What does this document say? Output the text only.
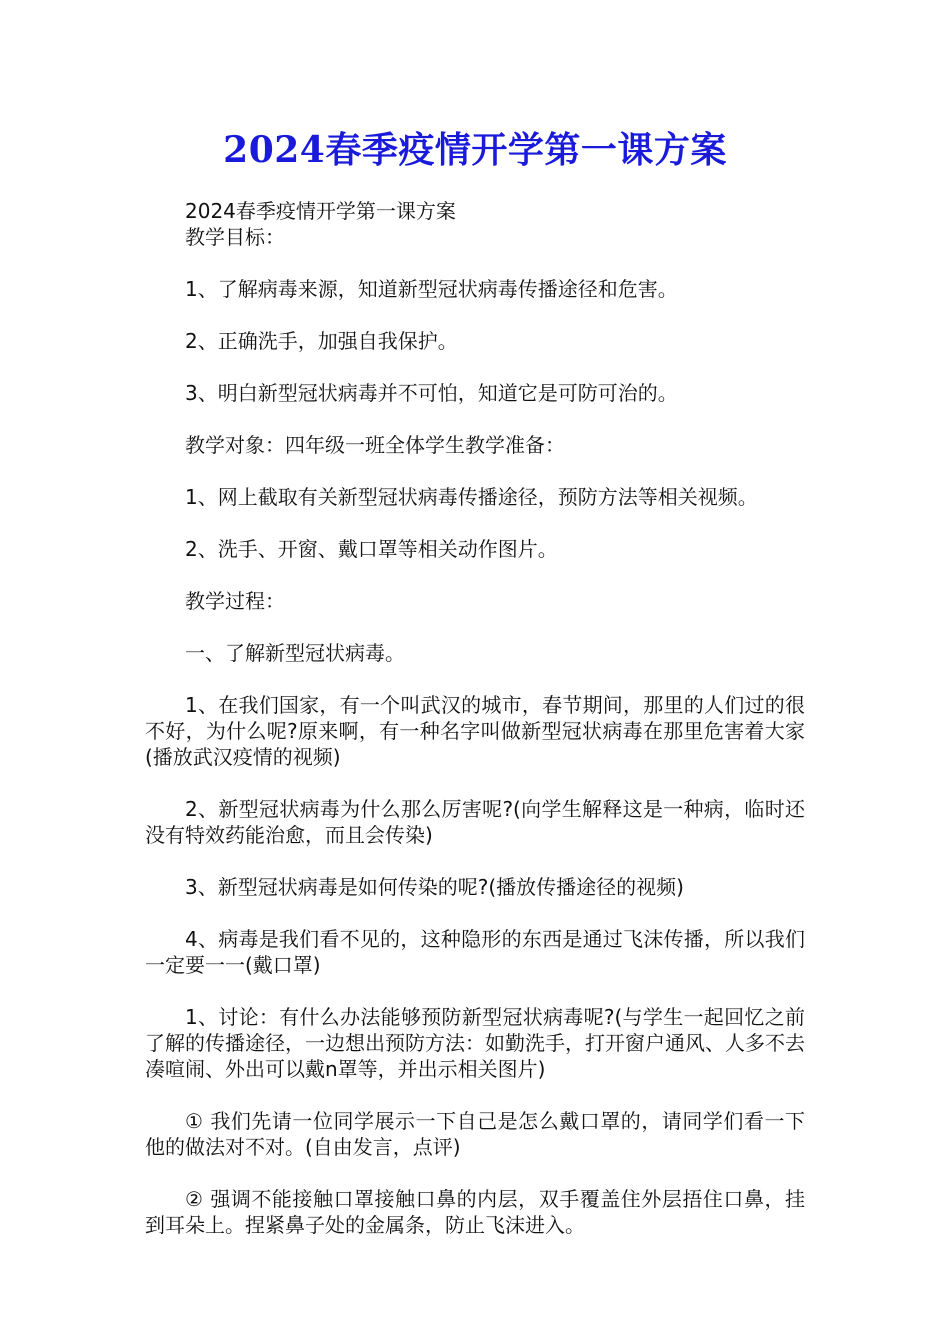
2024春季疫情开学第一课方案

2024春季疫情开学第一课方案

教学目标：

1、了解病毒来源，知道新型冠状病毒传播途径和危害。

2、正确洗手，加强自我保护。

3、明白新型冠状病毒并不可怕，知道它是可防可治的。

教学对象：四年级一班全体学生教学准备：

1、网上截取有关新型冠状病毒传播途径，预防方法等相关视频。

2、洗手、开窗、戴口罩等相关动作图片。

教学过程：

一、了解新型冠状病毒。

1、在我们国家，有一个叫武汉的城市，春节期间，那里的人们过的很不好，为什么呢?原来啊，有一种名字叫做新型冠状病毒在那里危害着大家(播放武汉疫情的视频)

2、新型冠状病毒为什么那么厉害呢?(向学生解释这是一种病，临时还没有特效药能治愈，而且会传染)

3、新型冠状病毒是如何传染的呢?(播放传播途径的视频)

4、病毒是我们看不见的，这种隐形的东西是通过飞沫传播，所以我们一定要一一(戴口罩)

1、讨论：有什么办法能够预防新型冠状病毒呢?(与学生一起回忆之前了解的传播途径，一边想出预防方法：如勤洗手，打开窗户通风、人多不去凑喧闹、外出可以戴n罩等，并出示相关图片)

① 我们先请一位同学展示一下自己是怎么戴口罩的，请同学们看一下他的做法对不对。(自由发言，点评)

② 强调不能接触口罩接触口鼻的内层，双手覆盖住外层捂住口鼻，挂到耳朵上。捏紧鼻子处的金属条，防止飞沫进入。
